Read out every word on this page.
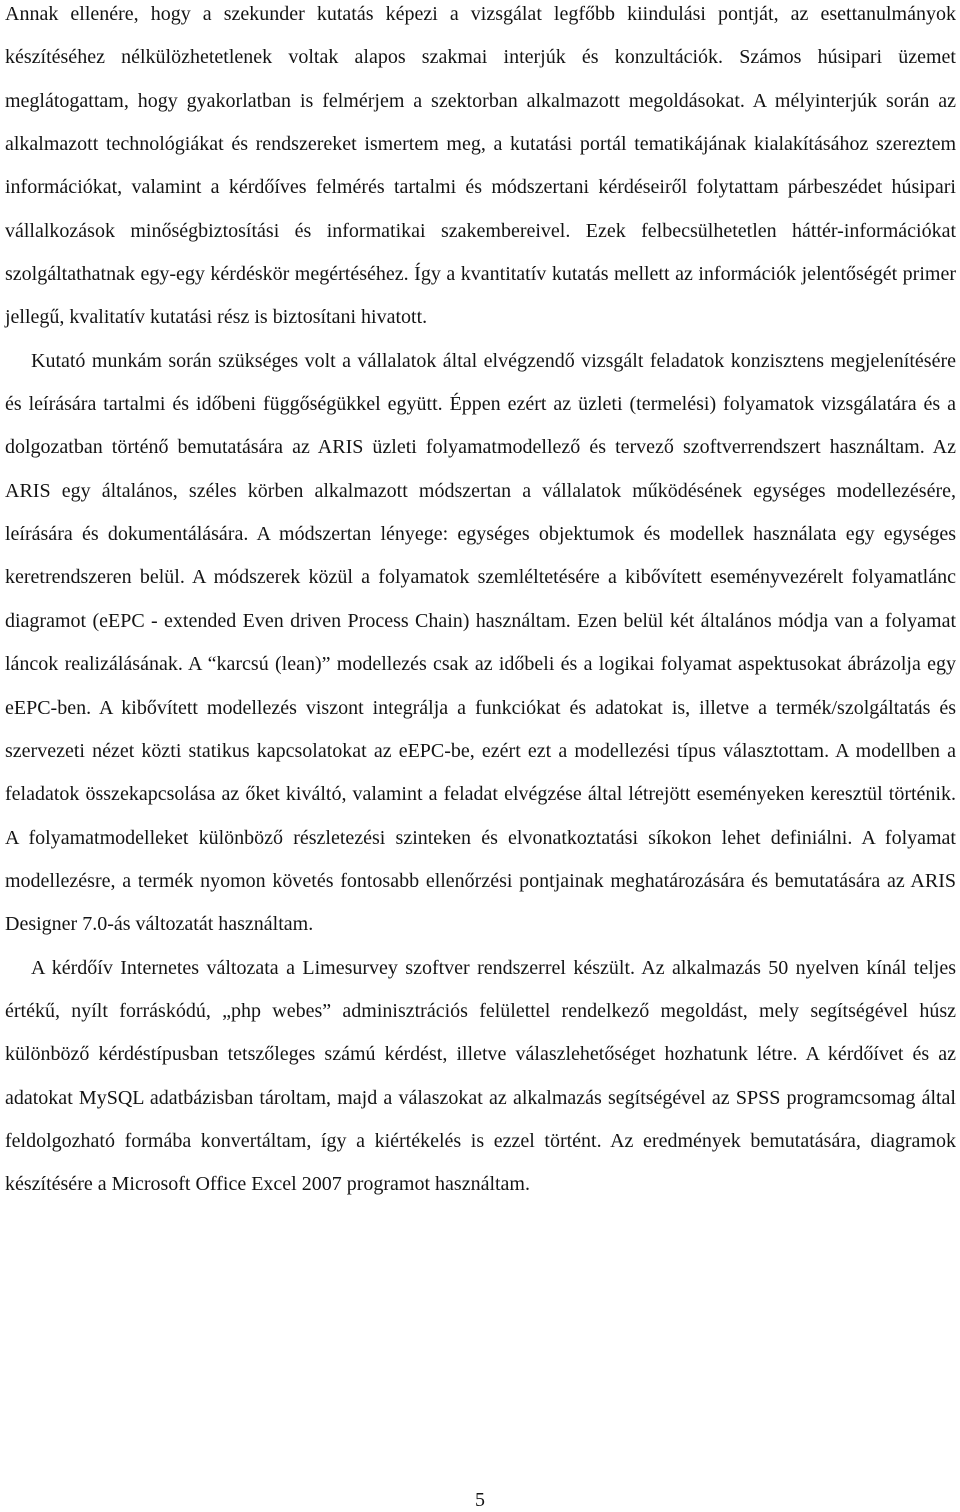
Annak ellenére, hogy a szekunder kutatás képezi a vizsgálat legfőbb kiindulási pontját, az esettanulmányok készítéséhez nélkülözhetetlenek voltak alapos szakmai interjúk és konzultációk. Számos húsipari üzemet meglátogattam, hogy gyakorlatban is felmérjem a szektorban alkalmazott megoldásokat. A mélyinterjúk során az alkalmazott technológiákat és rendszereket ismertem meg, a kutatási portál tematikájának kialakításához szereztem információkat, valamint a kérdőíves felmérés tartalmi és módszertani kérdéseiről folytattam párbeszédet húsipari vállalkozások minőségbiztosítási és informatikai szakembereivel. Ezek felbecsülhetetlen háttér-információkat szolgáltathatnak egy-egy kérdéskör megértéséhez. Így a kvantitatív kutatás mellett az információk jelentőségét primer jellegű, kvalitatív kutatási rész is biztosítani hivatott.

Kutató munkám során szükséges volt a vállalatok által elvégzendő vizsgált feladatok konzisztens megjelenítésére és leírására tartalmi és időbeni függőségükkel együtt. Éppen ezért az üzleti (termelési) folyamatok vizsgálatára és a dolgozatban történő bemutatására az ARIS üzleti folyamatmodellező és tervező szoftverrendszert használtam. Az ARIS egy általános, széles körben alkalmazott módszertan a vállalatok működésének egységes modellezésére, leírására és dokumentálására. A módszertan lényege: egységes objektumok és modellek használata egy egységes keretrendszeren belül. A módszerek közül a folyamatok szemléltetésére a kibővített eseményvezérelt folyamatlánc diagramot (eEPC - extended Even driven Process Chain) használtam. Ezen belül két általános módja van a folyamat láncok realizálásának. A “karcsú (lean)” modellezés csak az időbeli és a logikai folyamat aspektusokat ábrázolja egy eEPC-ben. A kibővített modellezés viszont integrálja a funkciókat és adatokat is, illetve a termék/szolgáltatás és szervezeti nézet közti statikus kapcsolatokat az eEPC-be, ezért ezt a modellezési típus választottam. A modellben a feladatok összekapcsolása az őket kiváltó, valamint a feladat elvégzése által létrejött eseményeken keresztül történik. A folyamatmodelleket különböző részletezési szinteken és elvonatkoztatási síkokon lehet definiálni. A folyamat modellezésre, a termék nyomon követés fontosabb ellenőrzési pontjainak meghatározására és bemutatására az ARIS Designer 7.0-ás változatát használtam.

A kérdőív Internetes változata a Limesurvey szoftver rendszerrel készült. Az alkalmazás 50 nyelven kínál teljes értékű, nyílt forráskódú, „php webes” adminisztrációs felülettel rendelkező megoldást, mely segítségével húsz különböző kérdéstípusban tetszőleges számú kérdést, illetve válaszlehetőséget hozhatunk létre. A kérdőívet és az adatokat MySQL adatbázisban tároltam, majd a válaszokat az alkalmazás segítségével az SPSS programcsomag által feldolgozható formába konvertáltam, így a kiértékelés is ezzel történt. Az eredmények bemutatására, diagramok készítésére a Microsoft Office Excel 2007 programot használtam.

5
